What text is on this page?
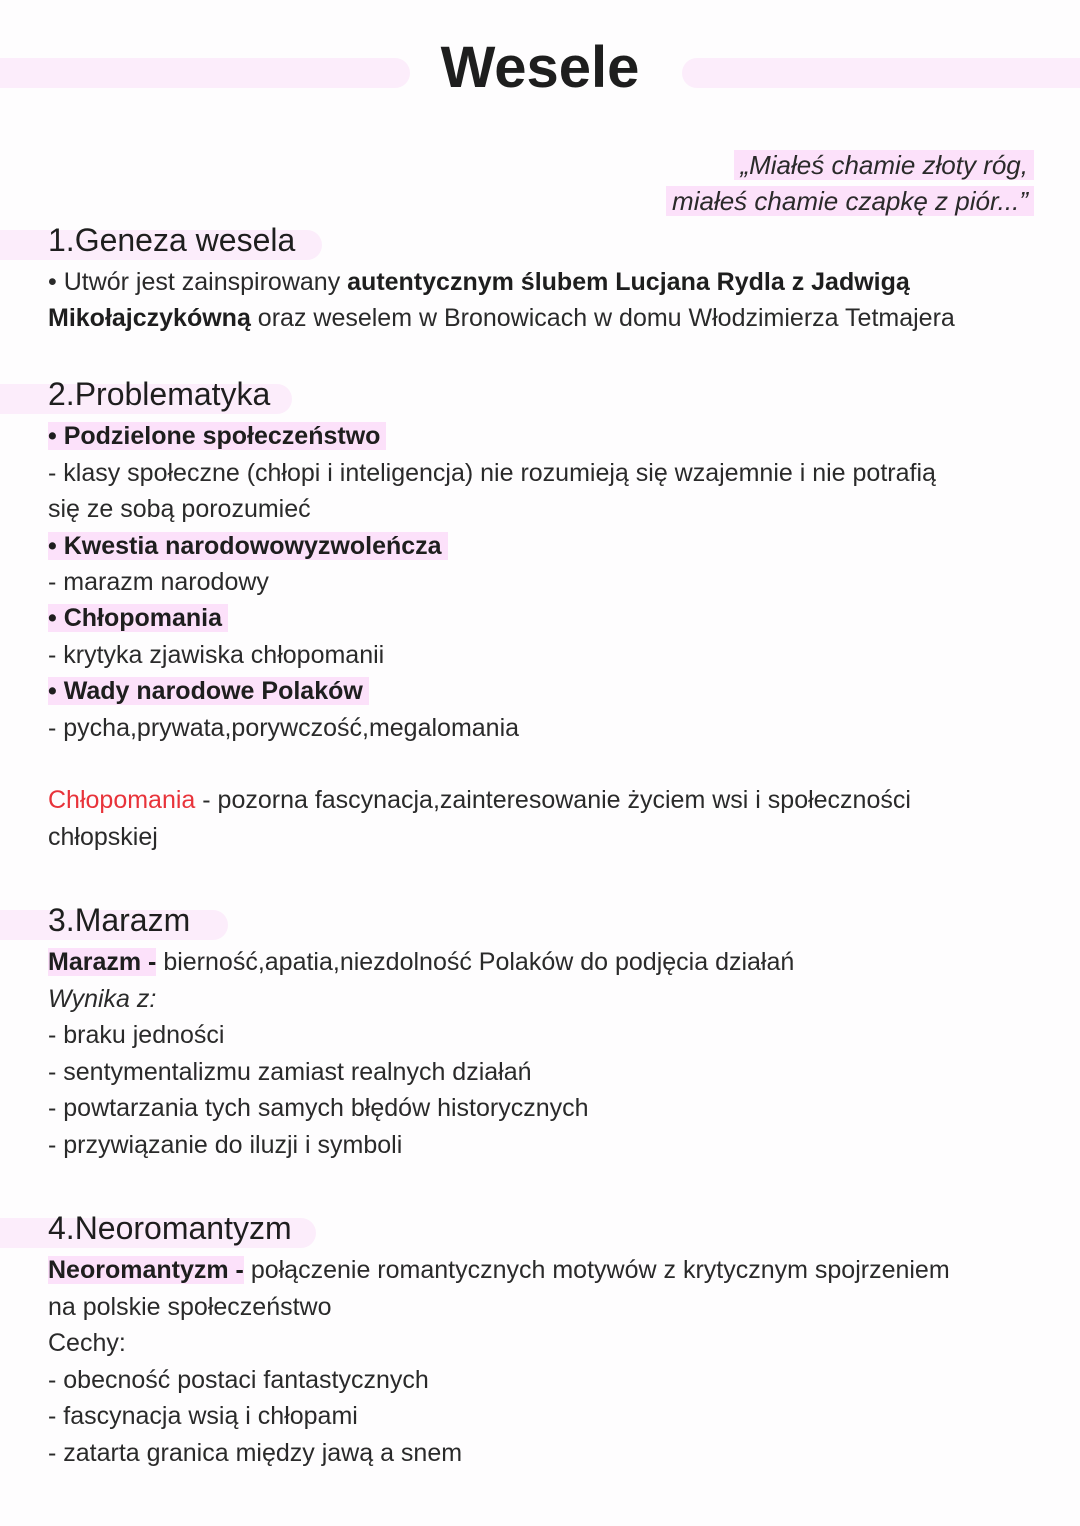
Wesele
„Miałeś chamie złoty róg,
miałeś chamie czapkę z piór...”
1.Geneza wesela
• Utwór jest zainspirowany autentycznym ślubem Lucjana Rydla z Jadwigą
Mikołajczykówną oraz weselem w Bronowicach w domu Włodzimierza Tetmajera
2.Problematyka
• Podzielone społeczeństwo
- klasy społeczne (chłopi i inteligencja) nie rozumieją się wzajemnie i nie potrafią
się ze sobą porozumieć
• Kwestia narodowowyzwoleńcza
- marazm narodowy
• Chłopomania
- krytyka zjawiska chłopomanii
• Wady narodowe Polaków
- pycha,prywata,porywczość,megalomania
Chłopomania - pozorna fascynacja,zainteresowanie życiem wsi i społeczności
chłopskiej
3.Marazm
Marazm - bierność,apatia,niezdolność Polaków do podjęcia działań
Wynika z:
- braku jedności
- sentymentalizmu zamiast realnych działań
- powtarzania tych samych błędów historycznych
- przywiązanie do iluzji i symboli
4.Neoromantyzm
Neoromantyzm - połączenie romantycznych motywów z krytycznym spojrzeniem
na polskie społeczeństwo
Cechy:
- obecność postaci fantastycznych
- fascynacja wsią i chłopami
- zatarta granica między jawą a snem
